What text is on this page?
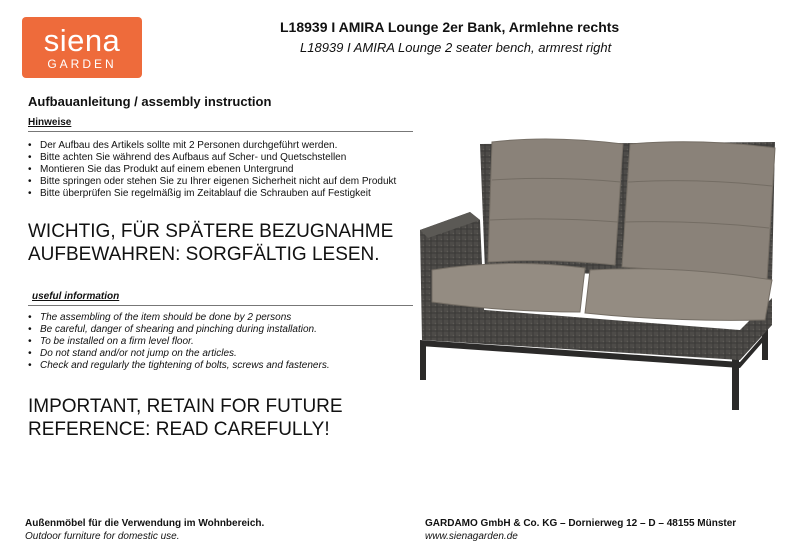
siena
GARDEN
L18939 I AMIRA Lounge 2er Bank, Armlehne rechts
L18939 I AMIRA Lounge 2 seater bench, armrest right
Aufbauanleitung / assembly instruction
Hinweise
• Der Aufbau des Artikels sollte mit 2 Personen durchgeführt werden.
• Bitte achten Sie während des Aufbaus auf Scher- und Quetschstellen
• Montieren Sie das Produkt auf einem ebenen Untergrund
• Bitte springen oder stehen Sie zu Ihrer eigenen Sicherheit nicht auf dem Produkt
• Bitte überprüfen Sie regelmäßig im Zeitablauf die Schrauben auf Festigkeit
WICHTIG, FÜR SPÄTERE BEZUGNAHME
AUFBEWAHREN: SORGFÄLTIG LESEN.
useful information
• The assembling of the item should be done by 2 persons
• Be careful, danger of shearing and pinching during installation.
• To be installed on a firm level floor.
• Do not stand and/or not jump on the articles.
• Check and regularly the tightening of bolts, screws and fasteners.
IMPORTANT, RETAIN FOR FUTURE
REFERENCE: READ CAREFULLY!
Außenmöbel für die Verwendung im Wohnbereich.
Outdoor furniture for domestic use.
GARDAMO GmbH & Co. KG – Dornierweg 12 – D – 48155 Münster
www.sienagarden.de
